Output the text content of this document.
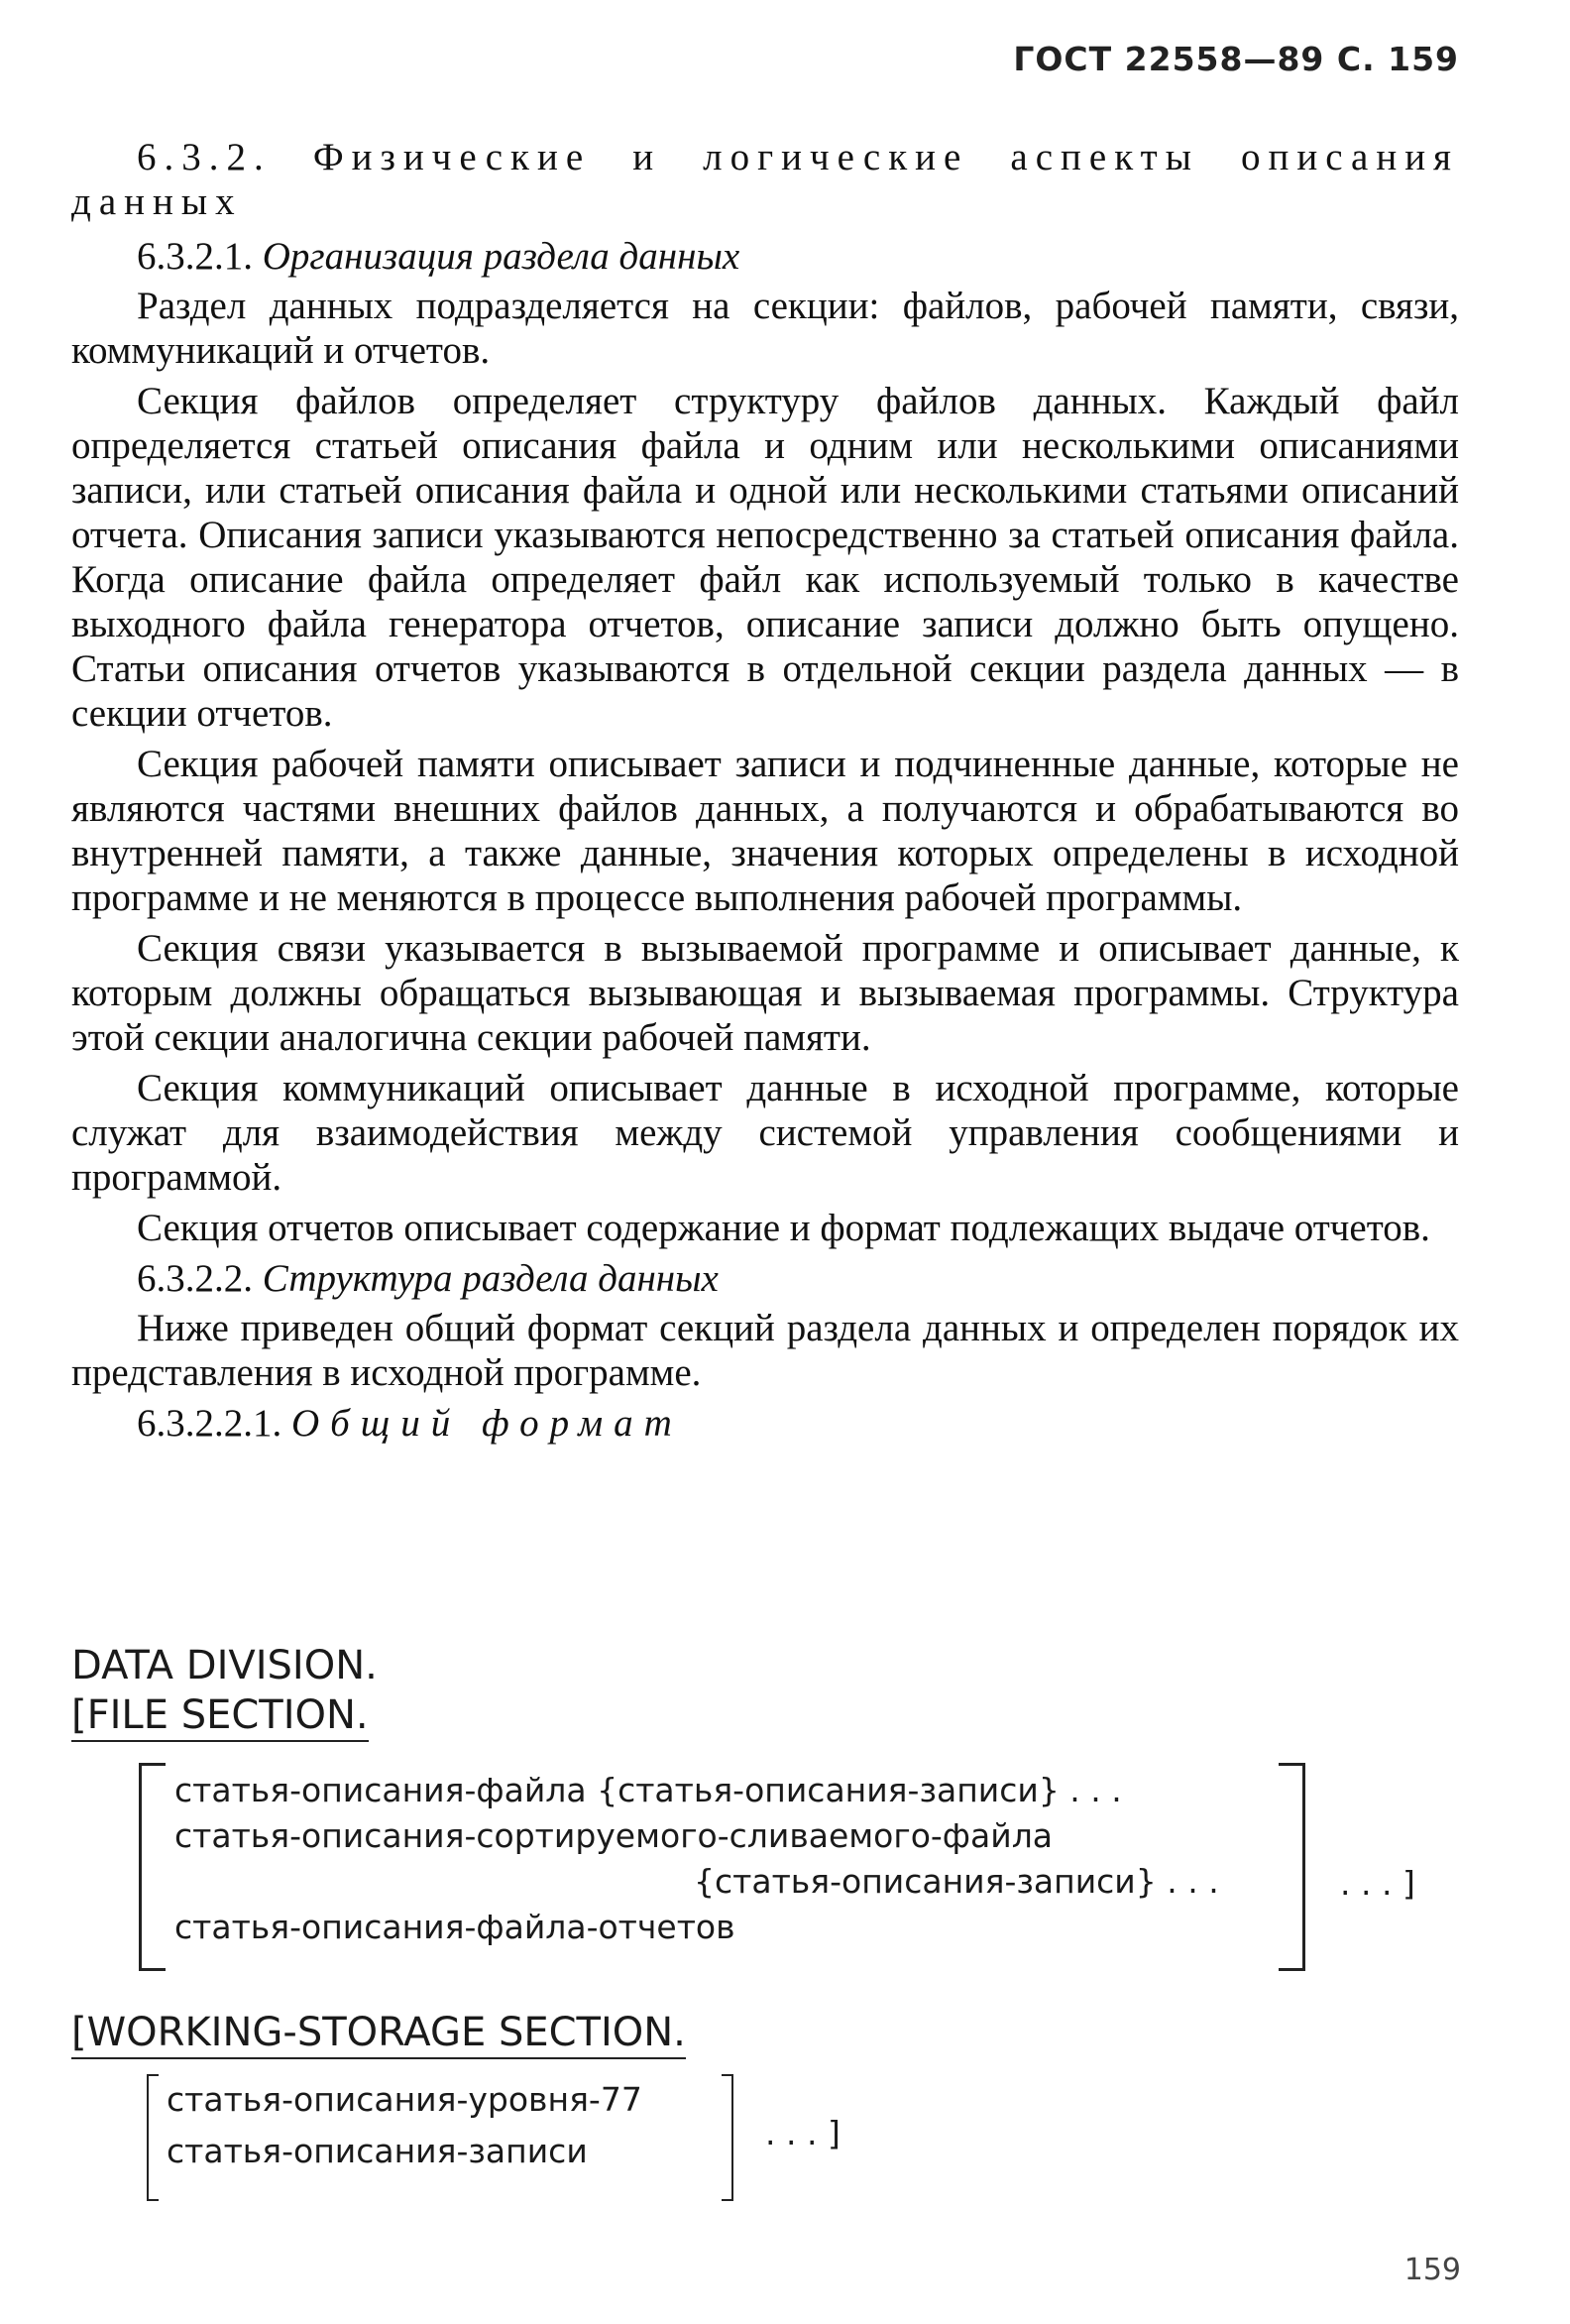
ГОСТ 22558—89 С. 159
6.3.2. Физические и логические аспекты описания данных
6.3.2.1. Организация раздела данных

Раздел данных подразделяется на секции: файлов, рабочей памяти, связи, коммуникаций и отчетов.

Секция файлов определяет структуру файлов данных. Каждый файл определяется статьей описания файла и одним или несколькими описаниями записи, или статьей описания файла и одной или несколькими статьями описаний отчета. Описания записи указываются непосредственно за статьей описания файла. Когда описание файла определяет файл как используемый только в качестве выходного файла генератора отчетов, описание записи должно быть опущено. Статьи описания отчетов указываются в отдельной секции раздела данных — в секции отчетов.

Секция рабочей памяти описывает записи и подчиненные данные, которые не являются частями внешних файлов данных, а получаются и обрабатываются во внутренней памяти, а также данные, значения которых определены в исходной программе и не меняются в процессе выполнения рабочей программы.

Секция связи указывается в вызываемой программе и описывает данные, к которым должны обращаться вызывающая и вызываемая программы. Структура этой секции аналогична секции рабочей памяти.

Секция коммуникаций описывает данные в исходной программе, которые служат для взаимодействия между системой управления сообщениями и программой.

Секция отчетов описывает содержание и формат подлежащих выдаче отчетов.

6.3.2.2. Структура раздела данных

Ниже приведен общий формат секций раздела данных и определен порядок их представления в исходной программе.

6.3.2.2.1. Общий формат
DATA DIVISION.
[FILE SECTION.
статья-описания-файла {статья-описания-записи} . . .
статья-описания-сортируемого-сливаемого-файла
{статья-описания-записи} . . .
статья-описания-файла-отчетов
. . . ]
[WORKING-STORAGE SECTION.
статья-описания-уровня-77
статья-описания-записи	. . . ]
159
